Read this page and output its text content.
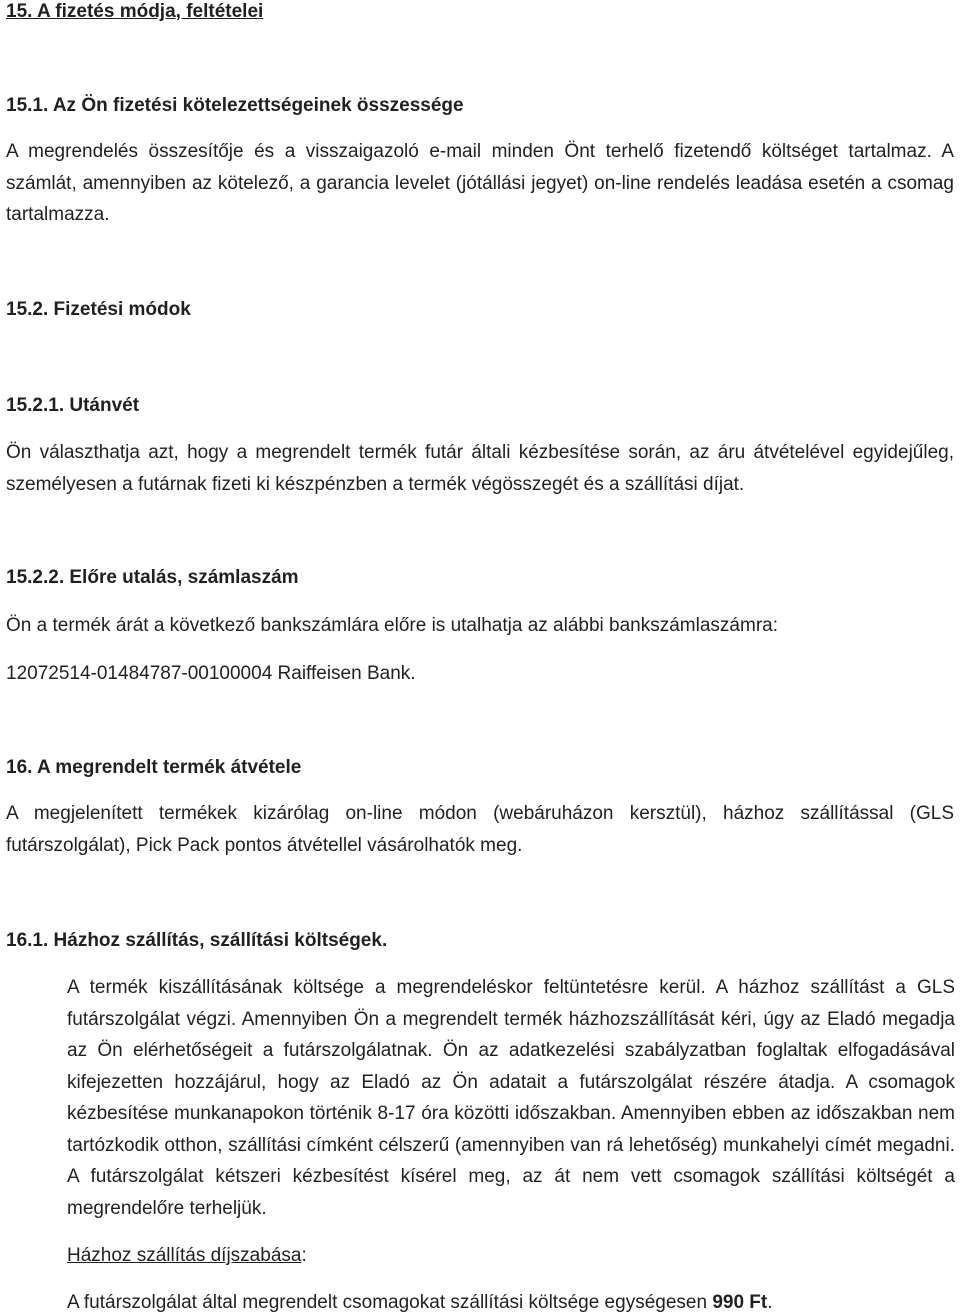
15. A fizetés módja, feltételei
15.1. Az Ön fizetési kötelezettségeinek összessége

A megrendelés összesítője és a visszaigazoló e-mail minden Önt terhelő fizetendő költséget tartalmaz. A számlát, amennyiben az kötelező, a garancia levelet (jótállási jegyet) on-line rendelés leadása esetén a csomag tartalmazza.

15.2. Fizetési módok
15.2.1. Utánvét

Ön választhatja azt, hogy a megrendelt termék futár általi kézbesítése során, az áru átvételével egyidejűleg, személyesen a futárnak fizeti ki készpénzben a termék végösszegét és a szállítási díjat.

15.2.2. Előre utalás, számlaszám

Ön a termék árát a következő bankszámlára előre is utalhatja az alábbi bankszámlaszámra:

12072514-01484787-00100004 Raiffeisen Bank.

16. A megrendelt termék átvétele

A megjelenített termékek kizárólag on-line módon (webáruházon kersztül), házhoz szállítással (GLS futárszolgálat), Pick Pack pontos átvétellel vásárolhatók meg.

16.1. Házhoz szállítás, szállítási költségek.

A termék kiszállításának költsége a megrendeléskor feltüntetésre kerül. A házhoz szállítást a GLS futárszolgálat végzi. Amennyiben Ön a megrendelt termék házhozszállítását kéri, úgy az Eladó megadja az Ön elérhetőségeit a futárszolgálatnak. Ön az adatkezelési szabályzatban foglaltak elfogadásával kifejezetten hozzájárul, hogy az Eladó az Ön adatait a futárszolgálat részére átadja. A csomagok kézbesítése munkanapokon történik 8-17 óra közötti időszakban. Amennyiben ebben az időszakban nem tartózkodik otthon, szállítási címként célszerű (amennyiben van rá lehetőség) munkahelyi címét megadni. A futárszolgálat kétszeri kézbesítést kísérel meg, az át nem vett csomagok szállítási költségét a megrendelőre terheljük.

Házhoz szállítás díjszabása:

A futárszolgálat által megrendelt csomagokat szállítási költsége egységesen 990 Ft.
